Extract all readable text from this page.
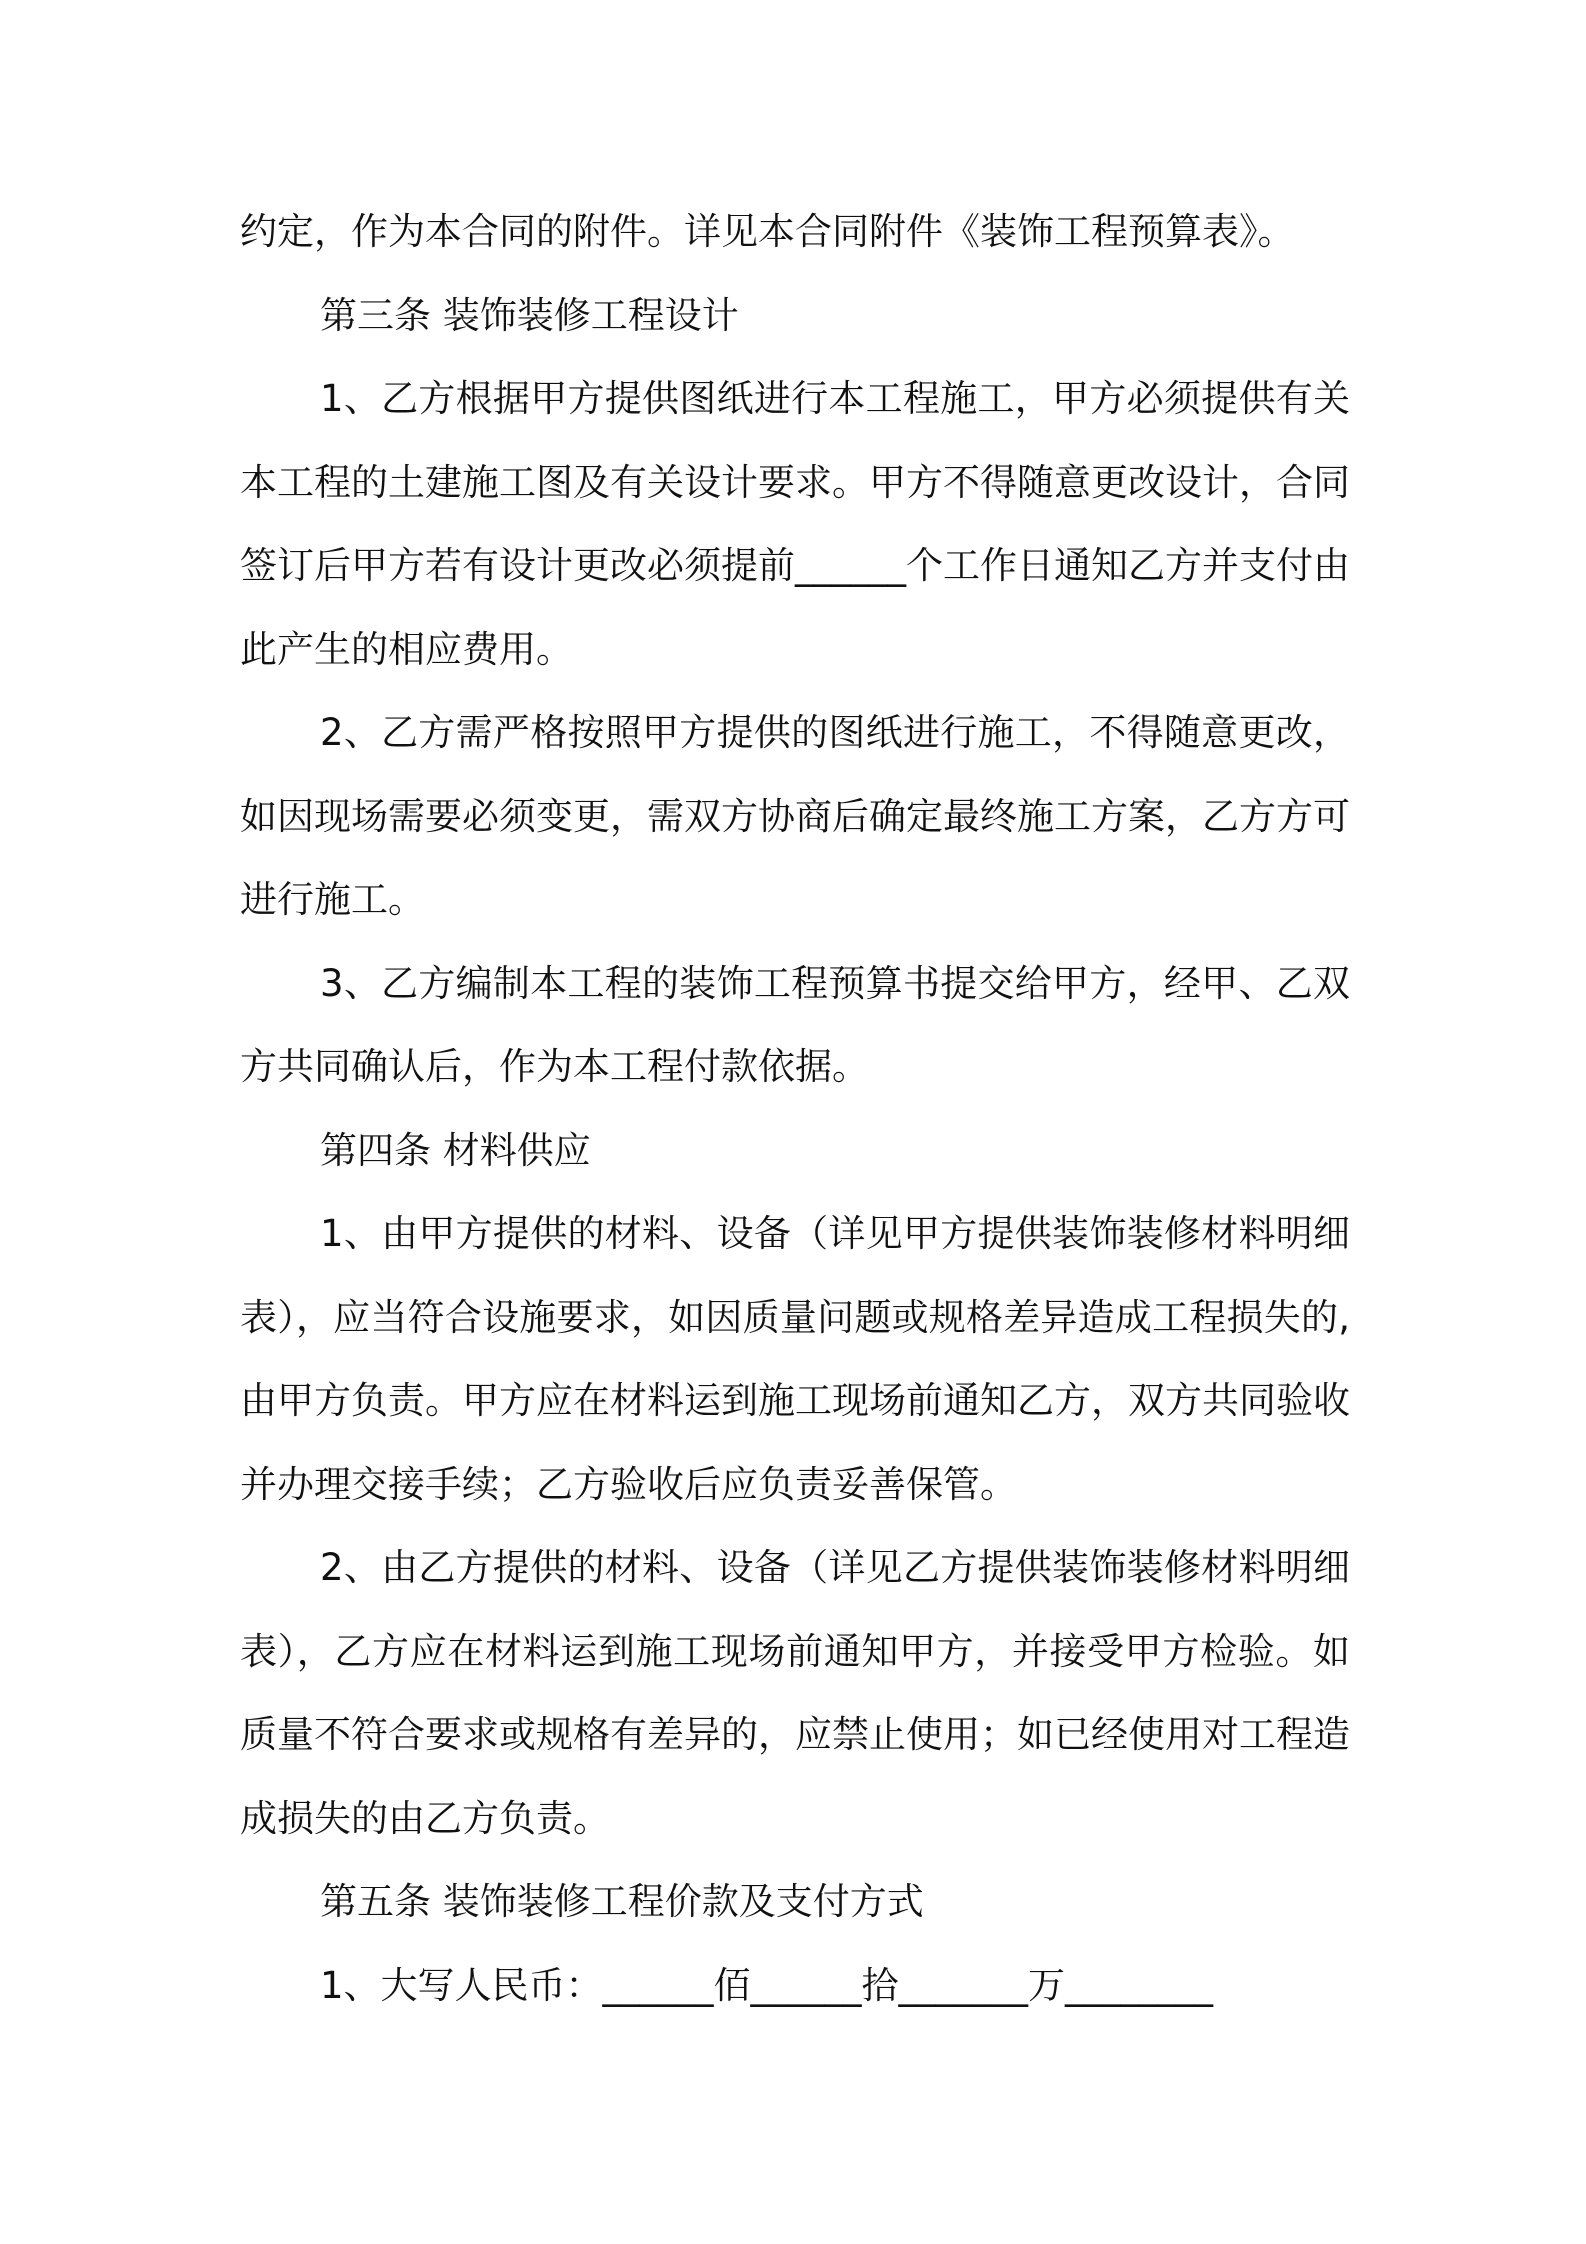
约定，作为本合同的附件。详见本合同附件《装饰工程预算表》。

第三条 装饰装修工程设计

1、乙方根据甲方提供图纸进行本工程施工，甲方必须提供有关本工程的土建施工图及有关设计要求。甲方不得随意更改设计，合同签订后甲方若有设计更改必须提前______个工作日通知乙方并支付由此产生的相应费用。

2、乙方需严格按照甲方提供的图纸进行施工，不得随意更改，如因现场需要必须变更，需双方协商后确定最终施工方案，乙方方可进行施工。

3、乙方编制本工程的装饰工程预算书提交给甲方，经甲、乙双方共同确认后，作为本工程付款依据。

第四条 材料供应

1、由甲方提供的材料、设备（详见甲方提供装饰装修材料明细表），应当符合设施要求，如因质量问题或规格差异造成工程损失的,由甲方负责。甲方应在材料运到施工现场前通知乙方，双方共同验收并办理交接手续；乙方验收后应负责妥善保管。

2、由乙方提供的材料、设备（详见乙方提供装饰装修材料明细表），乙方应在材料运到施工现场前通知甲方，并接受甲方检验。如质量不符合要求或规格有差异的，应禁止使用；如已经使用对工程造成损失的由乙方负责。

第五条 装饰装修工程价款及支付方式

1、大写人民币：______佰______拾_______万________
